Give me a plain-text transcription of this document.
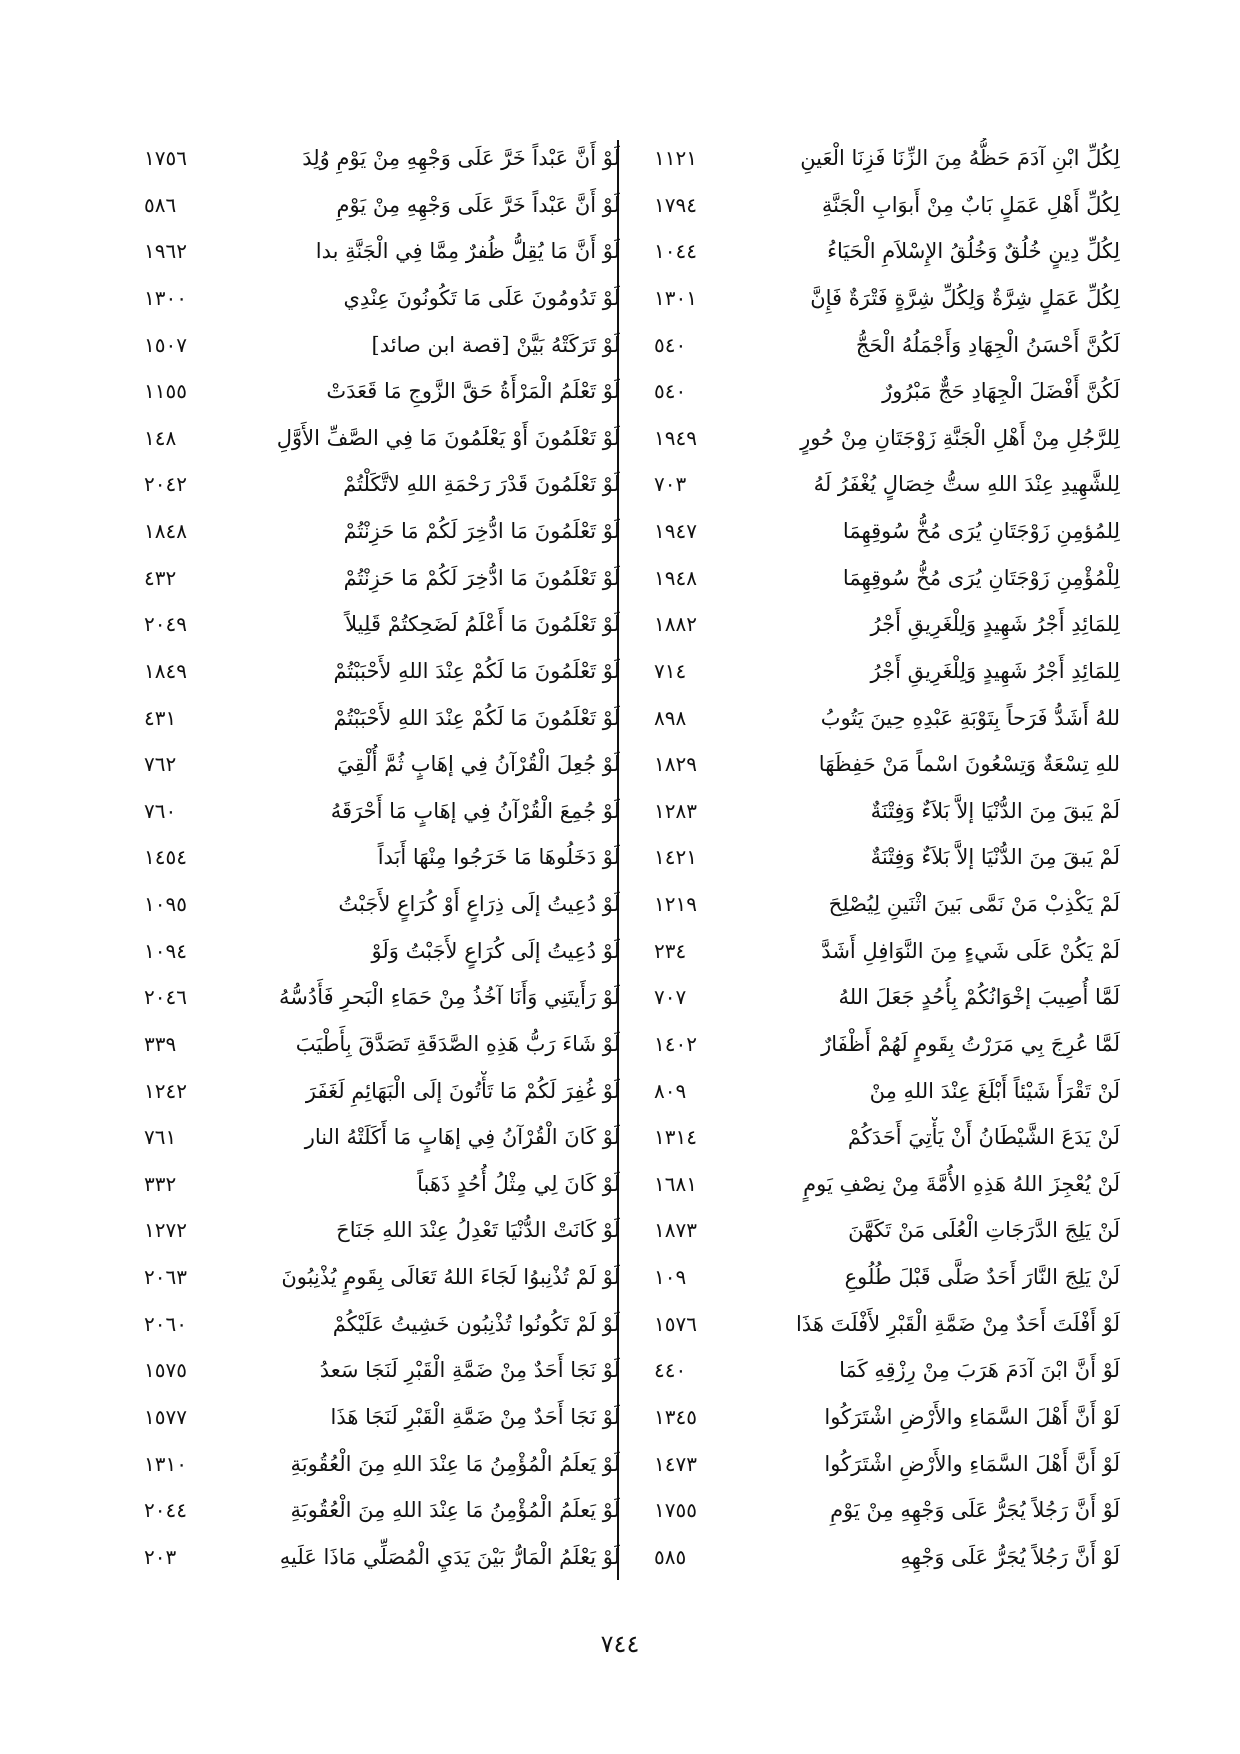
لِكُلِّ ابْنِ آدَمَ حَظُّهُ مِنَ الزِّنَا فَزِنَا الْعَينِ
١١٢١
لِكُلِّ أَهْلِ عَمَلٍ بَابٌ مِنْ أَبوَابِ الْجَنَّةِ
١٧٩٤
لِكُلِّ دِينٍ خُلُقٌ وَخُلُقُ الإِسْلاَمِ الْحَيَاءُ
١٠٤٤
لِكُلِّ عَمَلٍ شِرَّةٌ وَلِكُلِّ شِرَّةٍ فَتْرَةٌ فَإِنَّ
١٣٠١
لَكُنَّ أَحْسَنُ الْجِهَادِ وَأَجْمَلُهُ الْحَجُّ
٥٤٠
لَكُنَّ أَفْضَلَ الْجِهَادِ حَجٌّ مَبْرُورٌ
٥٤٠
لِلرَّجُلِ مِنْ أَهْلِ الْجَنَّةِ زَوْجَتَانِ مِنْ حُورٍ
١٩٤٩
لِلشَّهِيدِ عِنْدَ اللهِ ستُّ خِصَالٍ يُغْفَرُ لَهُ
٧٠٣
لِلمُؤمِنِ زَوْجَتَانِ يُرَى مُخُّ سُوقِهِمَا
١٩٤٧
لِلْمُؤْمِنِ زَوْجَتَانِ يُرَى مُخُّ سُوقِهِمَا
١٩٤٨
لِلمَائِدِ أَجْرُ شَهِيدٍ وَلِلْغَرِيقِ أَجْرُ
١٨٨٢
لِلمَائِدِ أَجْرُ شَهِيدٍ وَلِلْغَرِيقِ أَجْرُ
٧١٤
للهُ أَشَدُّ فَرَحاً بِتَوْبَةِ عَبْدِهِ حِينَ يَتُوبُ
٨٩٨
للهِ تِسْعَةٌ وَتِسْعُونَ اسْماً مَنْ حَفِظَهَا
١٨٢٩
لَمْ يَبقَ مِنَ الدُّنْيَا إلاَّ بَلاَءٌ وَفِتْنَةٌ
١٢٨٣
لَمْ يَبقَ مِنَ الدُّنْيَا إلاَّ بَلاَءٌ وَفِتْنَةٌ
١٤٢١
لَمْ يَكْذِبْ مَنْ نَمَّى بَينَ اثْنَينِ لِيُصْلِحَ
١٢١٩
لَمْ يَكُنْ عَلَى شَيءٍ مِنَ النَّوَافِلِ أَشَدَّ
٢٣٤
لَمَّا أُصِيبَ إخْوَانُكُمْ بِأُحُدٍ جَعَلَ اللهُ
٧٠٧
لَمَّا عُرِجَ بِي مَرَرْتُ بِقَومٍ لَهُمْ أَظْفَارٌ
١٤٠٢
لَنْ تَقْرَأَ شَيْئاً أَبْلَغَ عِنْدَ اللهِ مِنْ
٨٠٩
لَنْ يَدَعَ الشَّيْطَانُ أَنْ يَأْتِيَ أَحَدَكُمْ
١٣١٤
لَنْ يُعْجِزَ اللهُ هَذِهِ الأُمَّةَ مِنْ نِصْفِ يَومٍ
١٦٨١
لَنْ يَلِجَ الدَّرَجَاتِ الْعُلَى مَنْ تَكَهَّنَ
١٨٧٣
لَنْ يَلِجَ النَّارَ أَحَدٌ صَلَّى قَبْلَ طُلُوعِ
١٠٩
لَوْ أَفْلَتَ أَحَدٌ مِنْ ضَمَّةِ الْقَبْرِ لأَفْلَتَ هَذَا
١٥٧٦
لَوْ أَنَّ ابْنَ آدَمَ هَرَبَ مِنْ رِزْقِهِ كَمَا
٤٤٠
لَوْ أَنَّ أَهْلَ السَّمَاءِ والأَرْضِ اشْتَرَكُوا
١٣٤٥
لَوْ أَنَّ أَهْلَ السَّمَاءِ والأَرْضِ اشْتَرَكُوا
١٤٧٣
لَوْ أَنَّ رَجُلاً يُجَرُّ عَلَى وَجْهِهِ مِنْ يَوْمِ
١٧٥٥
لَوْ أَنَّ رَجُلاً يُجَرُّ عَلَى وَجْهِهِ
٥٨٥
لَوْ أَنَّ عَبْداً خَرَّ عَلَى وَجْهِهِ مِنْ يَوْمِ وُلِدَ
١٧٥٦
لَوْ أَنَّ عَبْداً خَرَّ عَلَى وَجْهِهِ مِنْ يَوْمِ
٥٨٦
لَوْ أَنَّ مَا يُقِلُّ ظُفرٌ مِمَّا فِي الْجَنَّةِ بدا
١٩٦٢
لَوْ تَدُومُونَ عَلَى مَا تَكُونُونَ عِنْدِي
١٣٠٠
لَوْ تَرَكَتْهُ بَيَّنْ [قصة ابن صائد]
١٥٠٧
لَوْ تَعْلَمُ الْمَرْأَةُ حَقَّ الزَّوجِ مَا قَعَدَتْ
١١٥٥
لَوْ تَعْلَمُونَ أَوْ يَعْلَمُونَ مَا فِي الصَّفِّ الأَوَّلِ
١٤٨
لَوْ تَعْلَمُونَ قَدْرَ رَحْمَةِ اللهِ لاتَّكَلْتُمْ
٢٠٤٢
لَوْ تَعْلَمُونَ مَا ادُّخِرَ لَكُمْ مَا حَزِنْتُمْ
١٨٤٨
لَوْ تَعْلَمُونَ مَا ادُّخِرَ لَكُمْ مَا حَزِنْتُمْ
٤٣٢
لَوْ تَعْلَمُونَ مَا أَعْلَمُ لَضَحِكتُمْ قَلِيلاً
٢٠٤٩
لَوْ تَعْلَمُونَ مَا لَكُمْ عِنْدَ اللهِ لأَحْبَبْتُمْ
١٨٤٩
لَوْ تَعْلَمُونَ مَا لَكُمْ عِنْدَ اللهِ لأَحْبَبْتُمْ
٤٣١
لَوْ جُعِلَ الْقُرْآنُ فِي إهَابٍ ثُمَّ أُلْقِيَ
٧٦٢
لَوْ جُمِعَ الْقُرْآنُ فِي إهَابٍ مَا أَحْرَقَهُ
٧٦٠
لَوْ دَخَلُوهَا مَا خَرَجُوا مِنْهَا أَبَداً
١٤٥٤
لَوْ دُعِيتُ إلَى ذِرَاعٍ أَوْ كُرَاعٍ لأَجَبْتُ
١٠٩٥
لَوْ دُعِيتُ إلَى كُرَاعٍ لأَجَبْتُ وَلَوْ
١٠٩٤
لَوْ رَأَيتَنِي وَأَنَا آخُذُ مِنْ حَمَاءِ الْبَحرِ فَأَدُسُّهُ
٢٠٤٦
لَوْ شَاءَ رَبُّ هَذِهِ الصَّدَقَةِ تَصَدَّقَ بِأَطْيَبَ
٣٣٩
لَوْ غُفِرَ لَكُمْ مَا تَأْتُونَ إلَى الْبَهَائِمِ لَغَفَرَ
١٢٤٢
لَوْ كَانَ الْقُرْآنُ فِي إهَابٍ مَا أَكَلَتْهُ النار
٧٦١
لَوْ كَانَ لِي مِثْلُ أُحُدٍ ذَهَباً
٣٣٢
لَوْ كَانَتْ الدُّنْيَا تَعْدِلُ عِنْدَ اللهِ جَنَاحَ
١٢٧٢
لَوْ لَمْ تُذْنِبوُا لَجَاءَ اللهُ تَعَالَى بِقَومٍ يُذْنِبُونَ
٢٠٦٣
لَوْ لَمْ تَكُونُوا تُذْنِبُون خَشِيتُ عَلَيْكُمْ
٢٠٦٠
لَوْ نَجَا أَحَدٌ مِنْ ضَمَّةِ الْقَبْرِ لَنَجَا سَعدُ
١٥٧٥
لَوْ نَجَا أَحَدٌ مِنْ ضَمَّةِ الْقَبْرِ لَنَجَا هَذَا
١٥٧٧
لَوْ يَعلَمُ الْمُؤْمِنُ مَا عِنْدَ اللهِ مِنَ الْعُقُوبَةِ
١٣١٠
لَوْ يَعلَمُ الْمُؤْمِنُ مَا عِنْدَ اللهِ مِنَ الْعُقُوبَةِ
٢٠٤٤
لَوْ يَعْلَمُ الْمَارُّ بَيْنَ يَدَيِ الْمُصَلِّي مَاذَا عَلَيهِ
٢٠٣
٧٤٤
